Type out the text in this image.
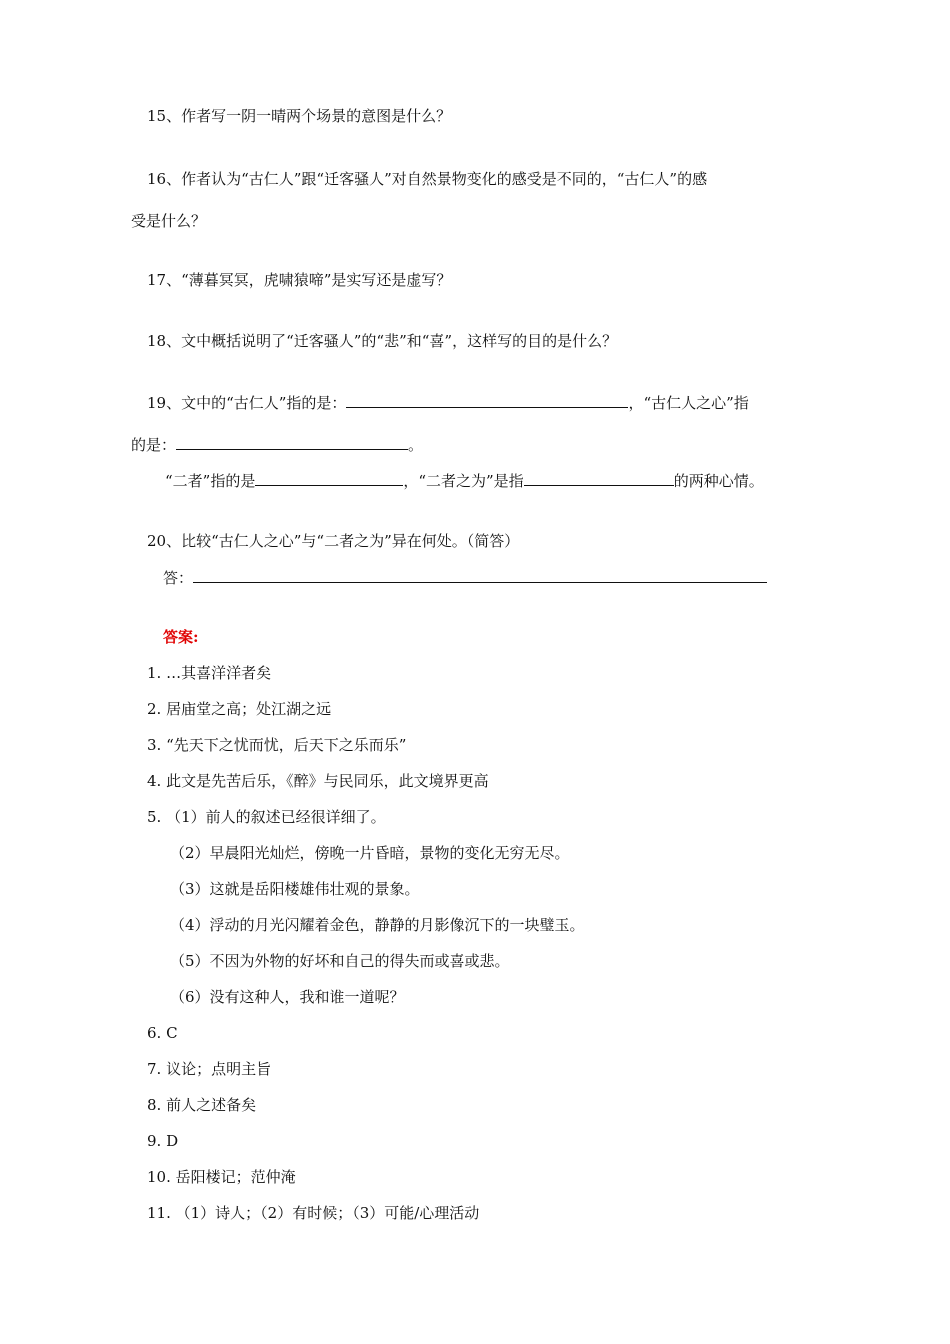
15、作者写一阴一晴两个场景的意图是什么？
16、作者认为“古仁人”跟“迁客骚人”对自然景物变化的感受是不同的，“古仁人”的感
受是什么？
17、“薄暮冥冥，虎啸猿啼”是实写还是虚写？
18、文中概括说明了“迁客骚人”的“悲”和“喜”，这样写的目的是什么？
19、文中的“古仁人”指的是：	，“古仁人之心”指
的是：	。
“二者”指的是	，“二者之为”是指	的两种心情。
20、比较“古仁人之心”与“二者之为”异在何处。（简答）
答：
答案:
1. …其喜洋洋者矣
2. 居庙堂之高；处江湖之远
3. “先天下之忧而忧，后天下之乐而乐”
4. 此文是先苦后乐，《醉》与民同乐，此文境界更高
5. （1）前人的叙述已经很详细了。
（2）早晨阳光灿烂，傍晚一片昏暗，景物的变化无穷无尽。
（3）这就是岳阳楼雄伟壮观的景象。
（4）浮动的月光闪耀着金色，静静的月影像沉下的一块璧玉。
（5）不因为外物的好坏和自己的得失而或喜或悲。
（6）没有这种人，我和谁一道呢？
6. C
7. 议论；点明主旨
8. 前人之述备矣
9. D
10. 岳阳楼记；范仲淹
11. （1）诗人；（2）有时候；（3）可能/心理活动
